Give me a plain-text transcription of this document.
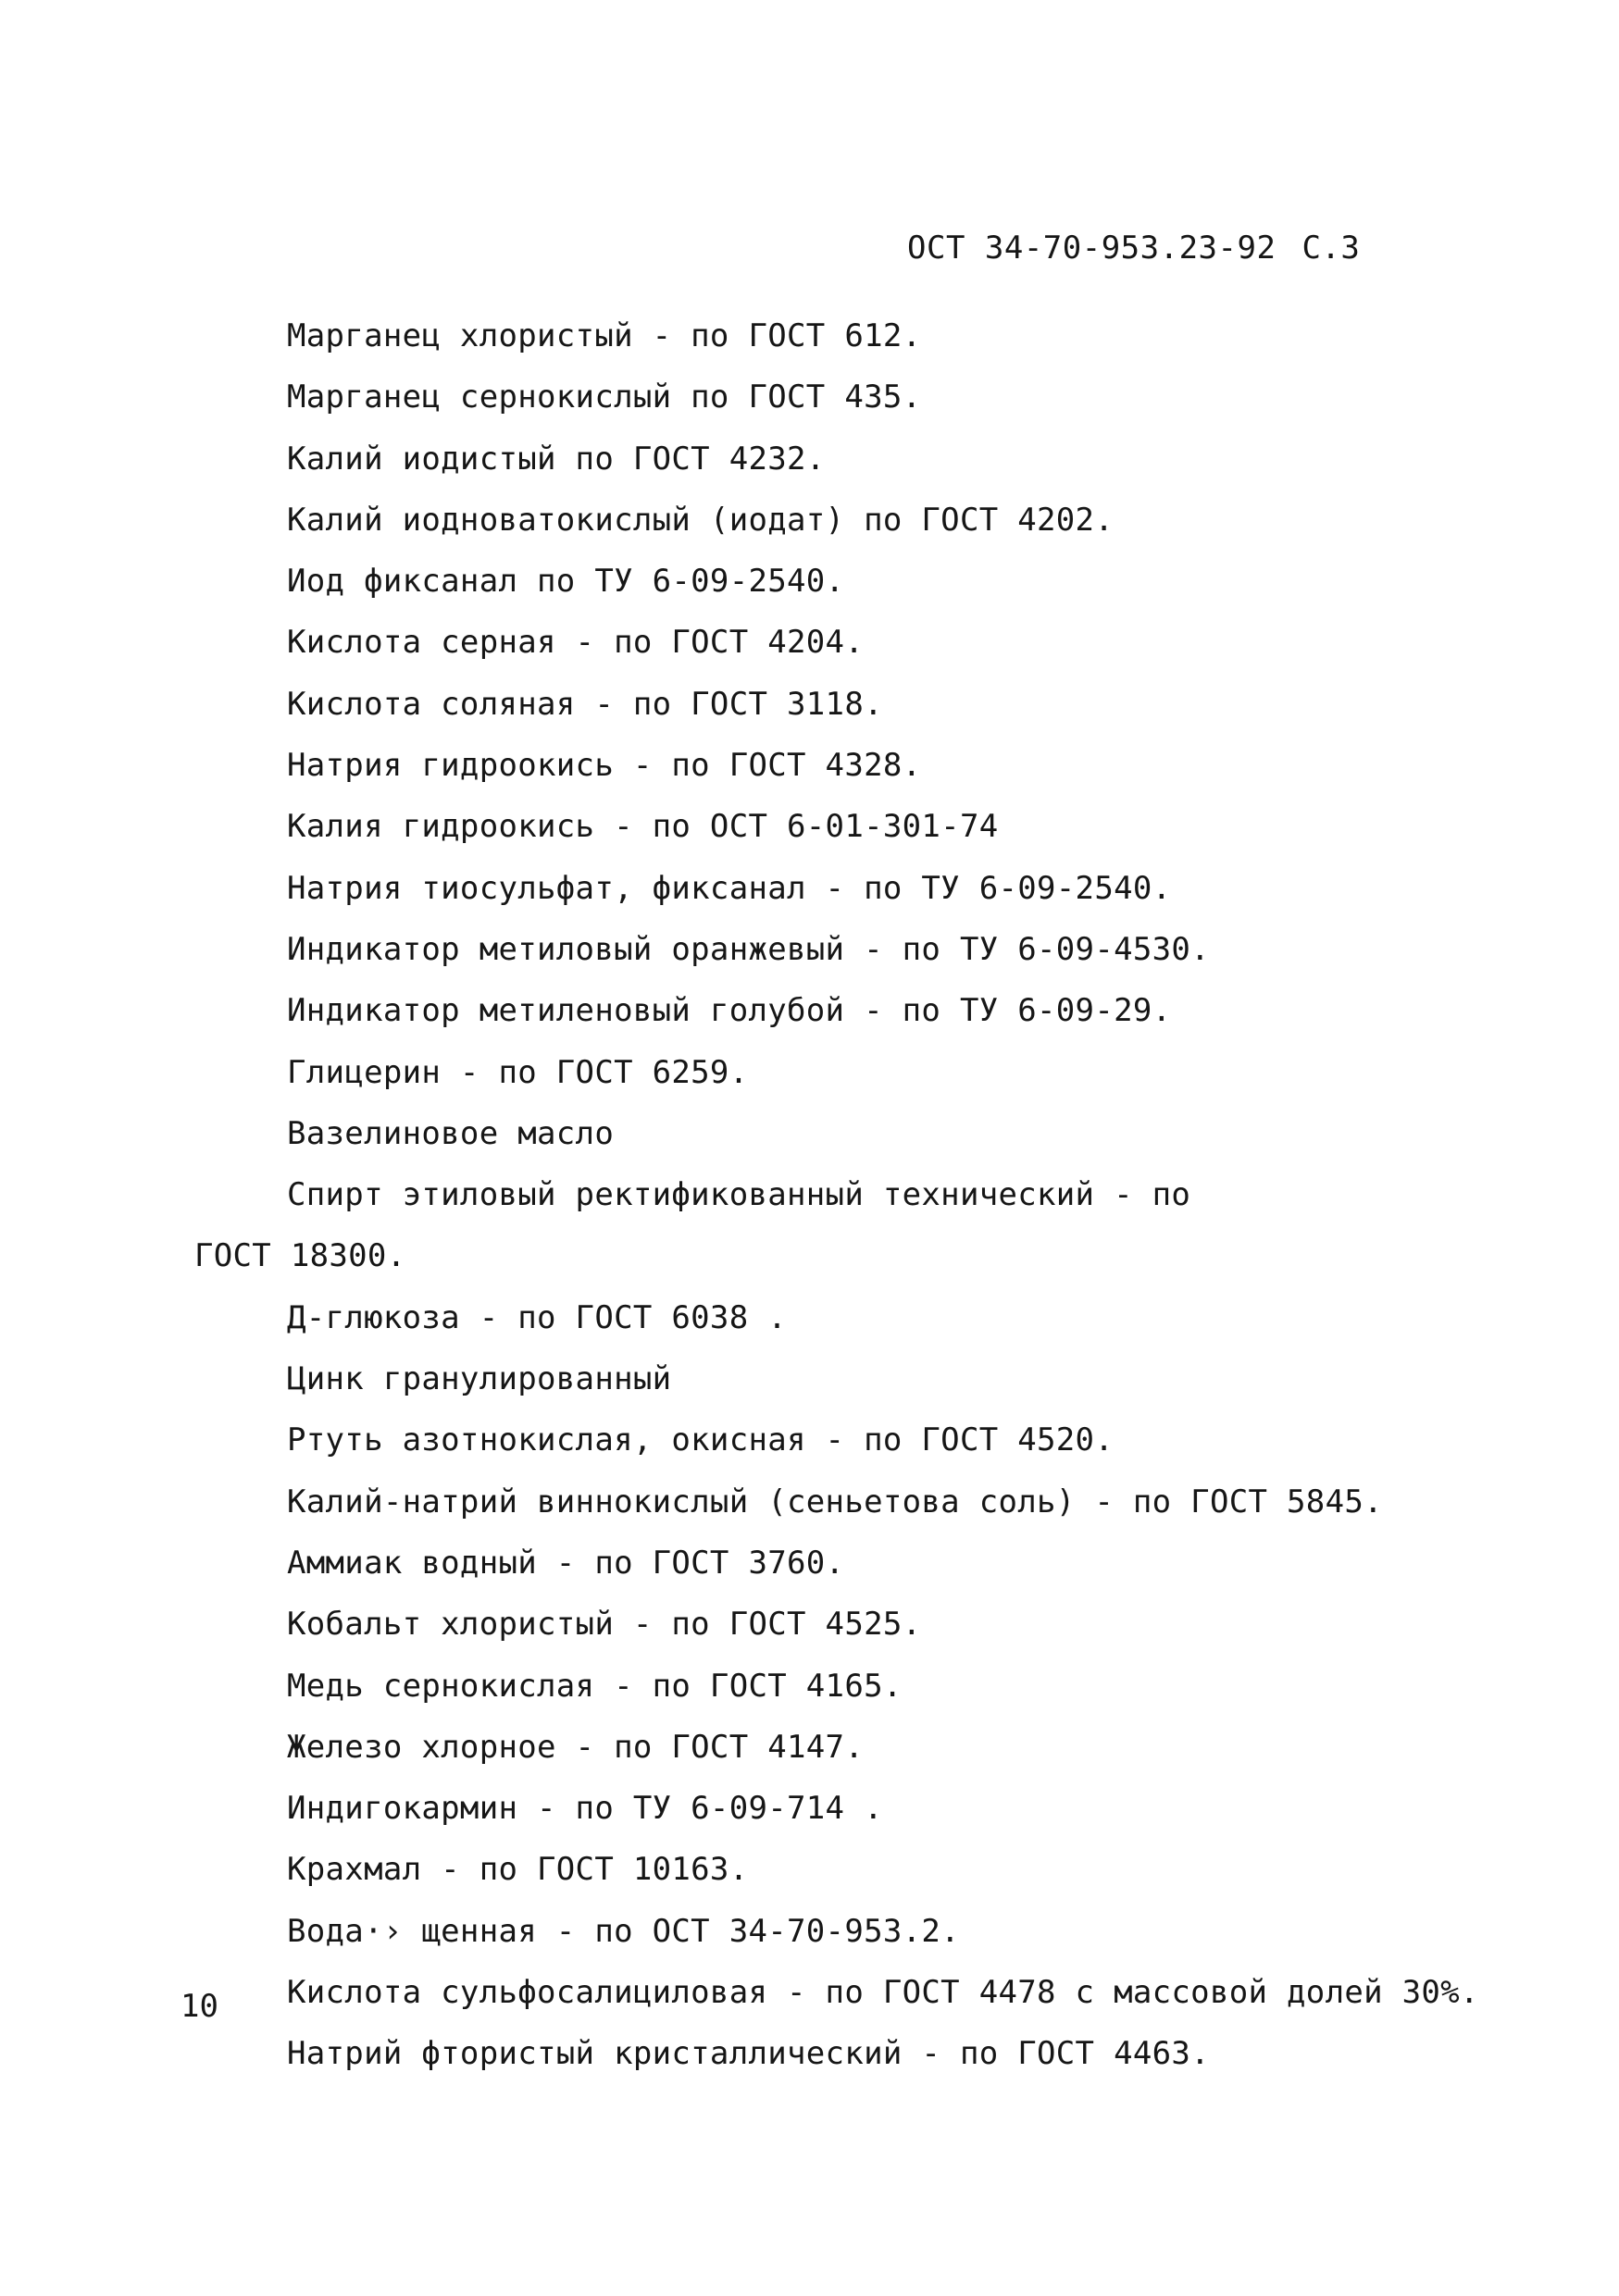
ОСТ 34-70-953.23-92 С.3
Марганец хлористый - по ГОСТ 612.
Марганец сернокислый по ГОСТ 435.
Калий иодистый по ГОСТ 4232.
Калий иодноватокислый (иодат) по ГОСТ 4202.
Иод фиксанал по ТУ 6-09-2540.
Кислота серная - по ГОСТ 4204.
Кислота соляная - по ГОСТ 3118.
Натрия гидроокись - по ГОСТ 4328.
Калия гидроокись - по ОСТ 6-01-301-74
Натрия тиосульфат, фиксанал - по ТУ 6-09-2540.
Индикатор метиловый оранжевый - по ТУ 6-09-4530.
Индикатор метиленовый голубой - по ТУ 6-09-29.
Глицерин - по ГОСТ 6259.
Вазелиновое масло
Спирт этиловый ректификованный технический - по
ГОСТ 18300.
Д-глюкоза - по ГОСТ 6038 .
Цинк гранулированный
Ртуть азотнокислая, окисная - по ГОСТ 4520.
Калий-натрий виннокислый (сеньетова соль) - по ГОСТ 5845.
Аммиак водный - по ГОСТ 3760.
Кобальт хлористый - по ГОСТ 4525.
Медь сернокислая - по ГОСТ 4165.
Железо хлорное - по ГОСТ 4147.
Индигокармин - по ТУ 6-09-714 .
Крахмал - по ГОСТ 10163.
Вода·› щенная - по ОСТ 34-70-953.2.
Кислота сульфосалициловая - по ГОСТ 4478 с массовой долей 30%.
Натрий фтористый кристаллический - по ГОСТ 4463.
10
